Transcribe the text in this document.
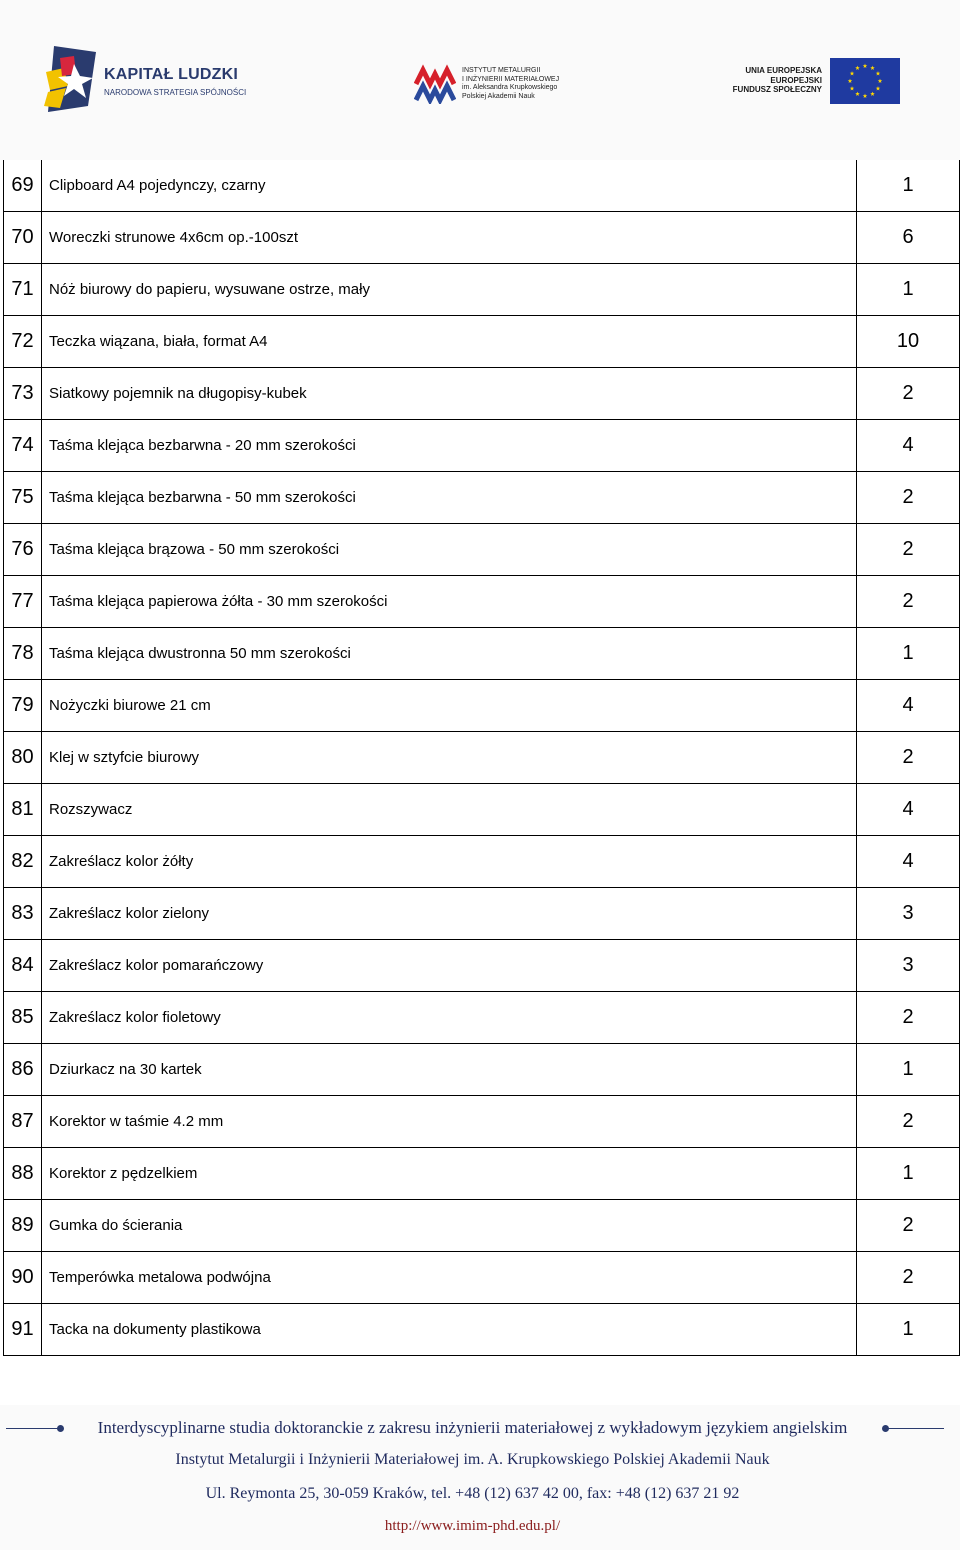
KAPITAŁ LUDZKI
NARODOWA STRATEGIA SPÓJNOŚCI
INSTYTUT METALURGII
I INŻYNIERII MATERIAŁOWEJ
im. Aleksandra Krupkowskiego
Polskiej Akademii Nauk
UNIA EUROPEJSKA
EUROPEJSKI
FUNDUSZ SPOŁECZNY
69	Clipboard A4 pojedynczy, czarny	1
70	Woreczki strunowe 4x6cm op.-100szt	6
71	Nóż biurowy do papieru, wysuwane ostrze, mały	1
72	Teczka wiązana, biała, format A4	10
73	Siatkowy pojemnik na długopisy-kubek	2
74	Taśma klejąca bezbarwna - 20 mm szerokości	4
75	Taśma klejąca bezbarwna - 50 mm szerokości	2
76	Taśma klejąca brązowa - 50 mm szerokości	2
77	Taśma klejąca papierowa żółta - 30 mm szerokości	2
78	Taśma klejąca dwustronna 50 mm szerokości	1
79	Nożyczki biurowe 21 cm	4
80	Klej w sztyfcie biurowy	2
81	Rozszywacz	4
82	Zakreślacz kolor żółty	4
83	Zakreślacz kolor zielony	3
84	Zakreślacz kolor pomarańczowy	3
85	Zakreślacz kolor fioletowy	2
86	Dziurkacz na 30 kartek	1
87	Korektor w taśmie 4.2 mm	2
88	Korektor z pędzelkiem	1
89	Gumka do ścierania	2
90	Temperówka metalowa podwójna	2
91	Tacka na dokumenty plastikowa	1
Interdyscyplinarne studia doktoranckie z zakresu inżynierii materiałowej z wykładowym językiem angielskim
Instytut Metalurgii i Inżynierii Materiałowej im. A. Krupkowskiego Polskiej Akademii Nauk
Ul. Reymonta 25, 30-059 Kraków, tel. +48 (12) 637 42 00, fax: +48 (12) 637 21 92
http://www.imim-phd.edu.pl/
